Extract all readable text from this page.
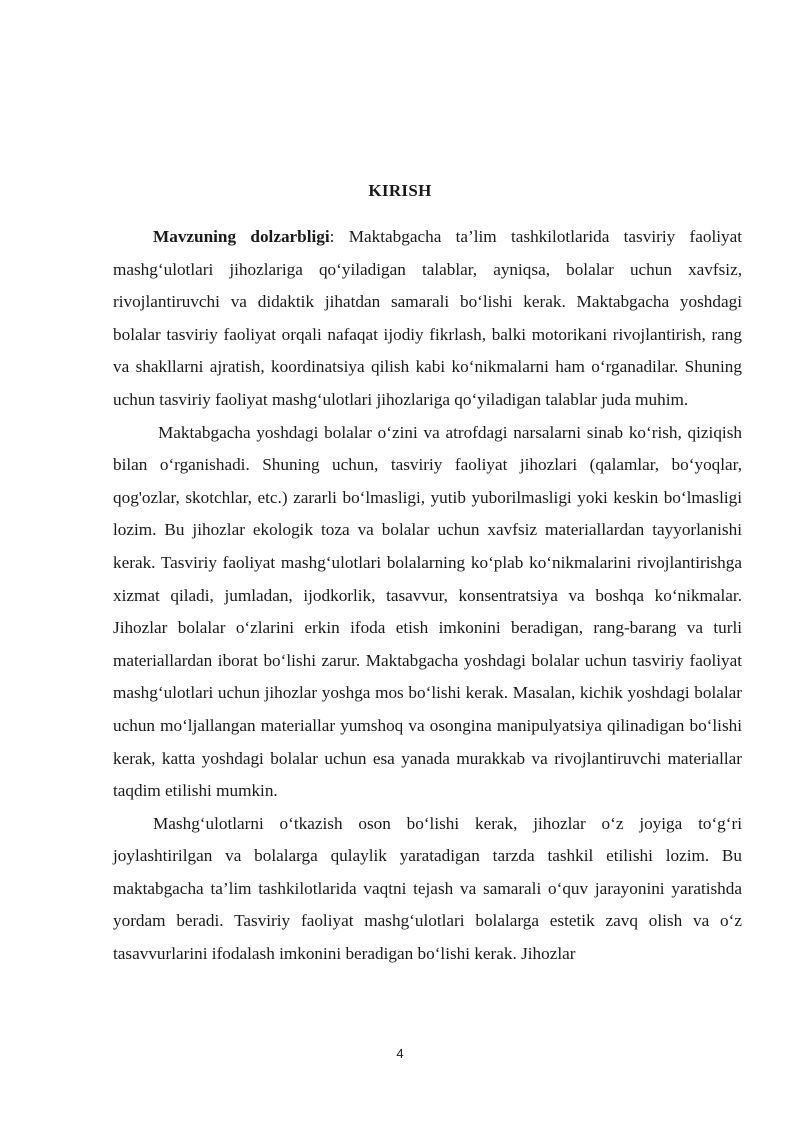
KIRISH

Mavzuning dolzarbligi: Maktabgacha ta’lim tashkilotlarida tasviriy faoliyat mashg‘ulotlari jihozlariga qo‘yiladigan talablar, ayniqsa, bolalar uchun xavfsiz, rivojlantiruvchi va didaktik jihatdan samarali bo‘lishi kerak. Maktabgacha yoshdagi bolalar tasviriy faoliyat orqali nafaqat ijodiy fikrlash, balki motorikani rivojlantirish, rang va shakllarni ajratish, koordinatsiya qilish kabi ko‘nikmalarni ham o‘rganadilar. Shuning uchun tasviriy faoliyat mashg‘ulotlari jihozlariga qo‘yiladigan talablar juda muhim.

Maktabgacha yoshdagi bolalar o‘zini va atrofdagi narsalarni sinab ko‘rish, qiziqish bilan o‘rganishadi. Shuning uchun, tasviriy faoliyat jihozlari (qalamlar, bo‘yoqlar, qog'ozlar, skotchlar, etc.) zararli bo‘lmasligi, yutib yuborilmasligi yoki keskin bo‘lmasligi lozim. Bu jihozlar ekologik toza va bolalar uchun xavfsiz materiallardan tayyorlanishi kerak. Tasviriy faoliyat mashg‘ulotlari bolalarning ko‘plab ko‘nikmalarini rivojlantirishga xizmat qiladi, jumladan, ijodkorlik, tasavvur, konsentratsiya va boshqa ko‘nikmalar. Jihozlar bolalar o‘zlarini erkin ifoda etish imkonini beradigan, rang-barang va turli materiallardan iborat bo‘lishi zarur. Maktabgacha yoshdagi bolalar uchun tasviriy faoliyat mashg‘ulotlari uchun jihozlar yoshga mos bo‘lishi kerak. Masalan, kichik yoshdagi bolalar uchun mo‘ljallangan materiallar yumshoq va osongina manipulyatsiya qilinadigan bo‘lishi kerak, katta yoshdagi bolalar uchun esa yanada murakkab va rivojlantiruvchi materiallar taqdim etilishi mumkin.

Mashg‘ulotlarni o‘tkazish oson bo‘lishi kerak, jihozlar o‘z joyiga to‘g‘ri joylashtirilgan va bolalarga qulaylik yaratadigan tarzda tashkil etilishi lozim. Bu maktabgacha ta’lim tashkilotlarida vaqtni tejash va samarali o‘quv jarayonini yaratishda yordam beradi. Tasviriy faoliyat mashg‘ulotlari bolalarga estetik zavq olish va o‘z tasavvurlarini ifodalash imkonini beradigan bo‘lishi kerak. Jihozlar

4
